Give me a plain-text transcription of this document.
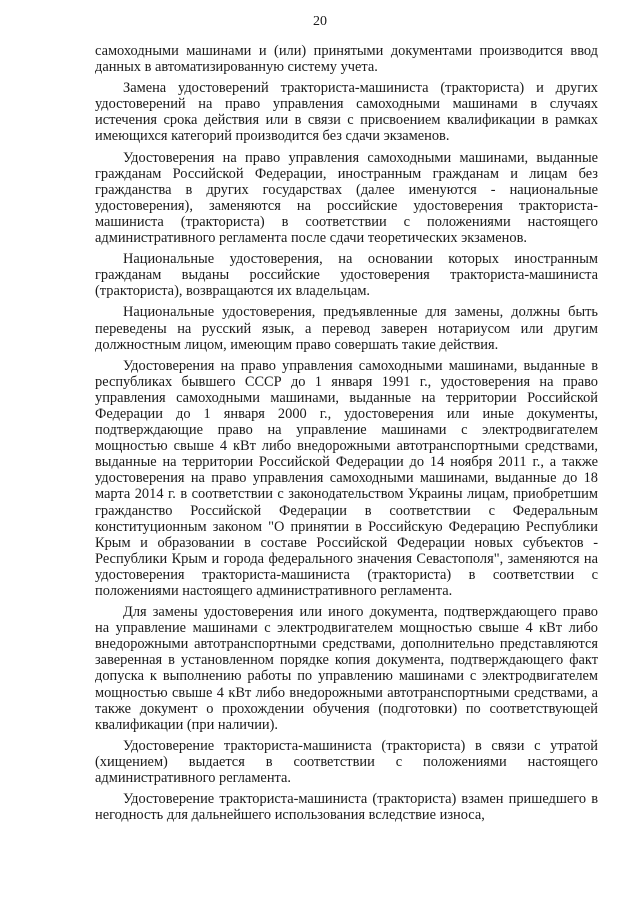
20

самоходными машинами и (или) принятыми документами производится ввод данных в автоматизированную систему учета.

Замена удостоверений тракториста-машиниста (тракториста) и других удостоверений на право управления самоходными машинами в случаях истечения срока действия или в связи с присвоением квалификации в рамках имеющихся категорий производится без сдачи экзаменов.

Удостоверения на право управления самоходными машинами, выданные гражданам Российской Федерации, иностранным гражданам и лицам без гражданства в других государствах (далее именуются - национальные удостоверения), заменяются на российские удостоверения тракториста-машиниста (тракториста) в соответствии с положениями настоящего административного регламента после сдачи теоретических экзаменов.

Национальные удостоверения, на основании которых иностранным гражданам выданы российские удостоверения тракториста-машиниста (тракториста), возвращаются их владельцам.

Национальные удостоверения, предъявленные для замены, должны быть переведены на русский язык, а перевод заверен нотариусом или другим должностным лицом, имеющим право совершать такие действия.

Удостоверения на право управления самоходными машинами, выданные в республиках бывшего СССР до 1 января 1991 г., удостоверения на право управления самоходными машинами, выданные на территории Российской Федерации до 1 января 2000 г., удостоверения или иные документы, подтверждающие право на управление машинами с электродвигателем мощностью свыше 4 кВт либо внедорожными автотранспортными средствами, выданные на территории Российской Федерации до 14 ноября 2011 г., а также удостоверения на право управления самоходными машинами, выданные до 18 марта 2014 г. в соответствии с законодательством Украины лицам, приобретшим гражданство Российской Федерации в соответствии с Федеральным конституционным законом "О принятии в Российскую Федерацию Республики Крым и образовании в составе Российской Федерации новых субъектов - Республики Крым и города федерального значения Севастополя", заменяются на удостоверения тракториста-машиниста (тракториста) в соответствии с положениями настоящего административного регламента.

Для замены удостоверения или иного документа, подтверждающего право на управление машинами с электродвигателем мощностью свыше 4 кВт либо внедорожными автотранспортными средствами, дополнительно представляются заверенная в установленном порядке копия документа, подтверждающего факт допуска к выполнению работы по управлению машинами с электродвигателем мощностью свыше 4 кВт либо внедорожными автотранспортными средствами, а также документ о прохождении обучения (подготовки) по соответствующей квалификации (при наличии).

Удостоверение тракториста-машиниста (тракториста) в связи с утратой (хищением) выдается в соответствии с положениями настоящего административного регламента.

Удостоверение тракториста-машиниста (тракториста) взамен пришедшего в негодность для дальнейшего использования вследствие износа,
